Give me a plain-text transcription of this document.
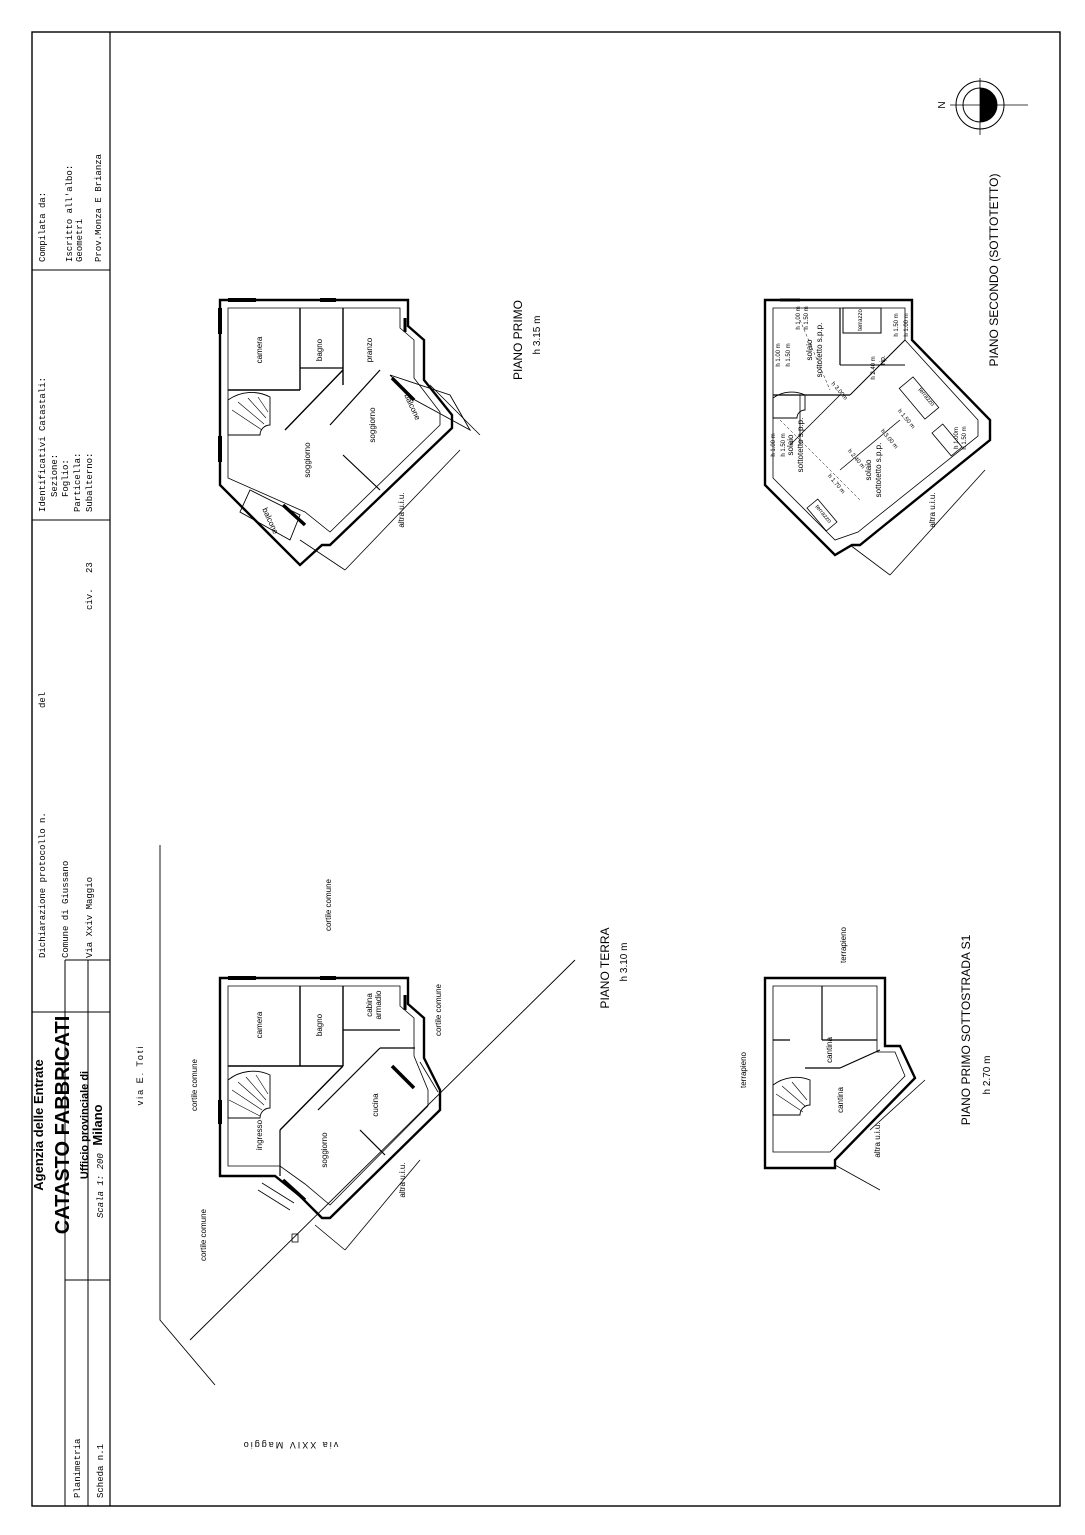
Agenzia delle Entrate CATASTO FABBRICATI Ufficio provinciale di Milano
Dichiarazione protocollo n.
del
Comune di Giussano Via Xxiv Maggio
civ.
23
Identificativi Catastali: Sezione: Foglio: Particella: Subalterno:
Compilata da: Iscritto all'albo: Geometri Prov.Monza E Brianza
Planimetria Scheda n.1
Scala 1: 200
N
via E. Toti
via XXIV Maggio
camera	bagno
cabina armadio
ingresso	soggiorno
cucina
cortile comune
cortile comune
cortile comune
cortile comune
altra u.i.u.
PIANO TERRA h 3.10 m
camera	bagno	pranzo
soggiorno
soggiorno
balcone
balcone	altra u.i.u.
PIANO PRIMO h 3.15 m
cantina
cantina
terrapieno
terrapieno
altra u.i.u.
PIANO PRIMO SOTTOSTRADA S1 h 2.70 m
solaio sottotetto s.p.p.
solaio sottotetto s.p.p.	solaio sottotetto s.p.p.
rip.
terrazzo
terrazzo
terrazzo
h 1.00 m h 1.50 m
h 1.00 m h 1.50 m
h 2.40 m
h 1.50 m h 1.00 m
h 3.00m
h 1.00 m h 1.50 m
h 2.40 m
h 1.70 m
h 1.50 m
h 3.00 m	h 1.00m h 1.50 m
altra u.i.u.
PIANO SECONDO (SOTTOTETTO)
